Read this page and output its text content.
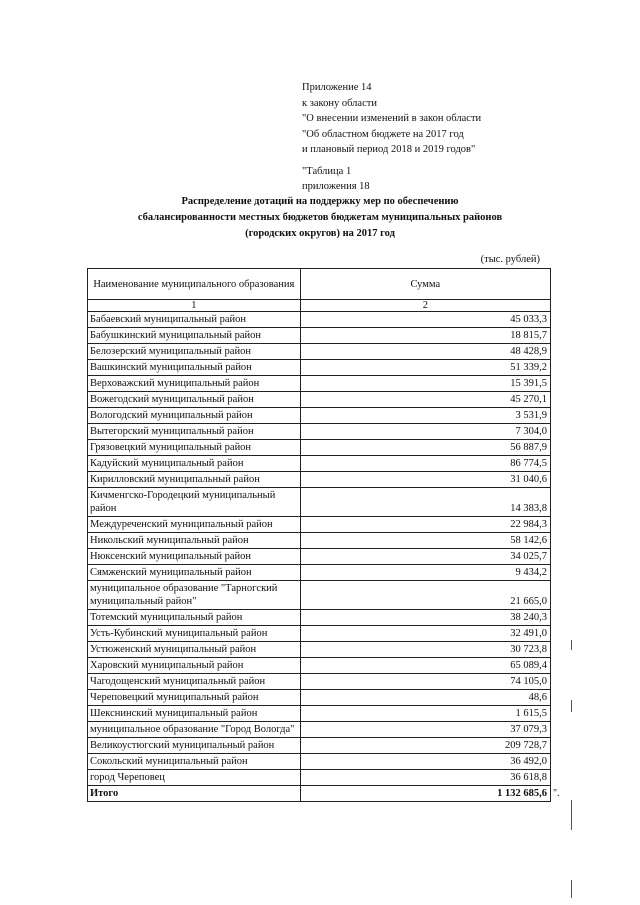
Приложение 14
к закону области
"О внесении изменений в закон области
"Об областном бюджете на 2017 год
и плановый период 2018 и 2019 годов"
"Таблица 1
приложения 18
Распределение дотаций на поддержку мер по обеспечению
сбалансированности местных бюджетов бюджетам муниципальных районов
(городских округов) на 2017 год
(тыс. рублей)
Наименование муниципального образования	Сумма
1	2
Бабаевский муниципальный район	45 033,3
Бабушкинский муниципальный район	18 815,7
Белозерский муниципальный район	48 428,9
Вашкинский муниципальный район	51 339,2
Верховажский муниципальный район	15 391,5
Вожегодский муниципальный район	45 270,1
Вологодский муниципальный район	3 531,9
Вытегорский муниципальный район	7 304,0
Грязовецкий муниципальный район	56 887,9
Кадуйский муниципальный район	86 774,5
Кирилловский муниципальный район	31 040,6
Кичменгско-Городецкий муниципальный район	14 383,8
Междуреченский муниципальный район	22 984,3
Никольский муниципальный район	58 142,6
Нюксенский муниципальный район	34 025,7
Сямженский муниципальный район	9 434,2
муниципальное образование "Тарногский муниципальный район"	21 665,0
Тотемский муниципальный район	38 240,3
Усть-Кубинский муниципальный район	32 491,0
Устюженский муниципальный район	30 723,8
Харовский муниципальный район	65 089,4
Чагодощенский муниципальный район	74 105,0
Череповецкий муниципальный район	48,6
Шекснинский муниципальный район	1 615,5
муниципальное образование "Город Вологда"	37 079,3
Великоустюгский муниципальный район	209 728,7
Сокольский муниципальный район	36 492,0
город Череповец	36 618,8
Итого	1 132 685,6 ".
